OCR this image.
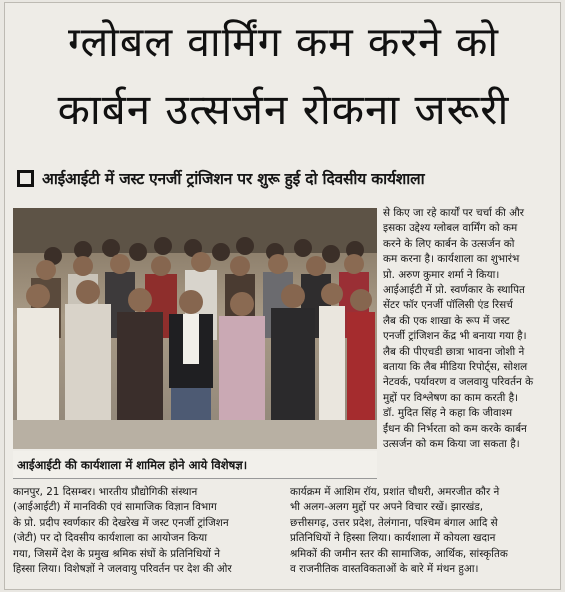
ग्लोबल वार्मिंग कम करने को
कार्बन उत्सर्जन रोकना जरूरी
आईआईटी में जस्ट एनर्जी ट्रांजिशन पर शुरू हुई दो दिवसीय कार्यशाला
आईआईटी की कार्यशाला में शामिल होने आये विशेषज्ञ।
से किए जा रहे कार्यों पर चर्चा की और
इसका उद्देश्य ग्लोबल वार्मिंग को कम
करने के लिए कार्बन के उत्सर्जन को
कम करना है। कार्यशाला का शुभारंभ
प्रो. अरुण कुमार शर्मा ने किया।
आईआईटी में प्रो. स्वर्णकार के स्थापित
सेंटर फॉर एनर्जी पॉलिसी एंड रिसर्च
लैब की एक शाखा के रूप में जस्ट
एनर्जी ट्रांजिशन केंद्र भी बनाया गया है।
लैब की पीएचडी छात्रा भावना जोशी ने
बताया कि लैब मीडिया रिपोर्ट्स, सोशल
नेटवर्क, पर्यावरण व जलवायु परिवर्तन के
मुद्दों पर विश्लेषण का काम करती है।
डॉ. मुदित सिंह ने कहा कि जीवाश्म
ईंधन की निर्भरता को कम करके कार्बन
उत्सर्जन को कम किया जा सकता है।
कानपुर, 21 दिसम्बर। भारतीय प्रौद्योगिकी संस्थान
(आईआईटी) में मानविकी एवं सामाजिक विज्ञान विभाग
के प्रो. प्रदीप स्वर्णकार की देखरेख में जस्ट एनर्जी ट्रांजिशन
(जेटी) पर दो दिवसीय कार्यशाला का आयोजन किया
गया, जिसमें देश के प्रमुख श्रमिक संघों के प्रतिनिधियों ने
हिस्सा लिया। विशेषज्ञों ने जलवायु परिवर्तन पर देश की ओर
कार्यक्रम में आशिम रॉय, प्रशांत चौधरी, अमरजीत कौर ने
भी अलग-अलग मुद्दों पर अपने विचार रखें। झारखंड,
छत्तीसगढ़, उत्तर प्रदेश, तेलंगाना, पश्चिम बंगाल आदि से
प्रतिनिधियों ने हिस्सा लिया। कार्यशाला में कोयला खदान
श्रमिकों की जमीन स्तर की सामाजिक, आर्थिक, सांस्कृतिक
व राजनीतिक वास्तविकताओं के बारे में मंथन हुआ।
